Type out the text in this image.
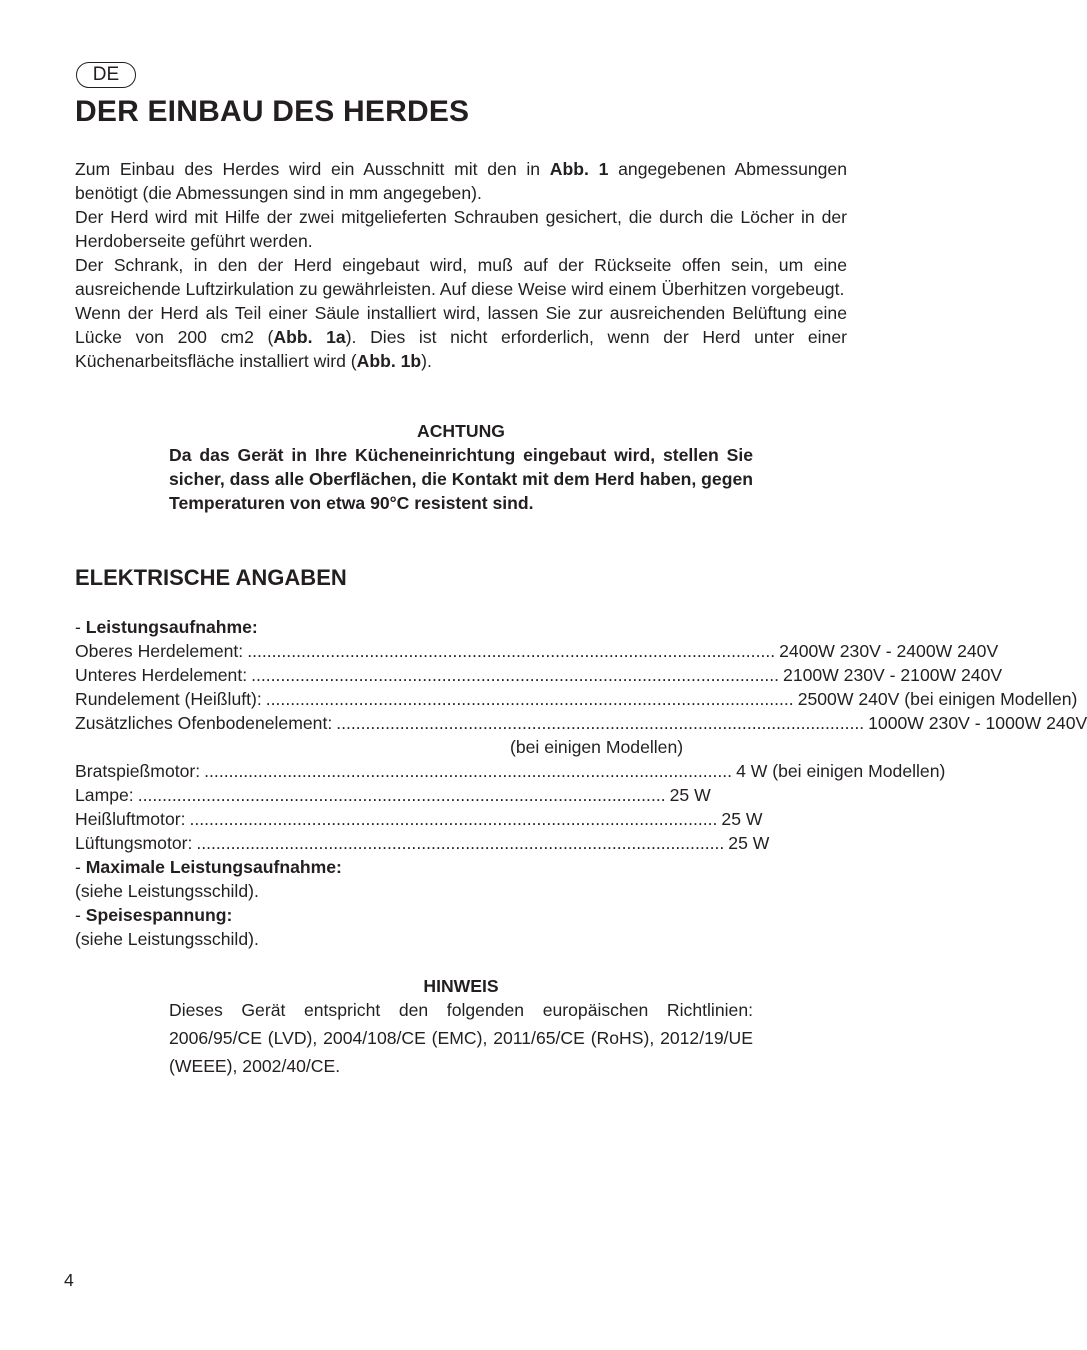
DE
DER EINBAU DES HERDES

Zum Einbau des Herdes wird ein Ausschnitt mit den in Abb. 1 angegebenen Abmessungen benötigt (die Abmessungen sind in mm angegeben).

Der Herd wird mit Hilfe der zwei mitgelieferten Schrauben gesichert, die durch die Löcher in der Herdoberseite geführt werden.

Der Schrank, in den der Herd eingebaut wird, muß auf der Rückseite offen sein, um eine ausreichende Luftzirkulation zu gewährleisten. Auf diese Weise wird einem Überhitzen vorgebeugt.

Wenn der Herd als Teil einer Säule installiert wird, lassen Sie zur ausreichenden Belüftung eine Lücke von 200 cm2 (Abb. 1a). Dies ist nicht erforderlich, wenn der Herd unter einer Küchenarbeitsfläche installiert wird (Abb. 1b).

ACHTUNG
Da das Gerät in Ihre Kücheneinrichtung eingebaut wird, stellen Sie sicher, dass alle Oberflächen, die Kontakt mit dem Herd haben, gegen Temperaturen von etwa 90°C resistent sind.
ELEKTRISCHE ANGABEN
- Leistungsaufnahme:
Oberes Herdelement: ............................................................................................................ 2400W 230V - 2400W 240V
Unteres Herdelement: ............................................................................................................ 2100W 230V - 2100W 240V
Rundelement (Heißluft): ............................................................................................................ 2500W 240V (bei einigen Modellen)
Zusätzliches Ofenbodenelement: ............................................................................................................ 1000W 230V - 1000W 240V
(bei einigen Modellen)
Bratspießmotor: ............................................................................................................ 4 W (bei einigen Modellen)
Lampe: ............................................................................................................ 25 W
Heißluftmotor: ............................................................................................................ 25 W
Lüftungsmotor: ............................................................................................................ 25 W
- Maximale Leistungsaufnahme:
(siehe Leistungsschild).
- Speisespannung:
(siehe Leistungsschild).
HINWEIS
Dieses Gerät entspricht den folgenden europäischen Richtlinien: 2006/95/CE (LVD), 2004/108/CE (EMC), 2011/65/CE (RoHS), 2012/19/UE (WEEE), 2002/40/CE.
4
